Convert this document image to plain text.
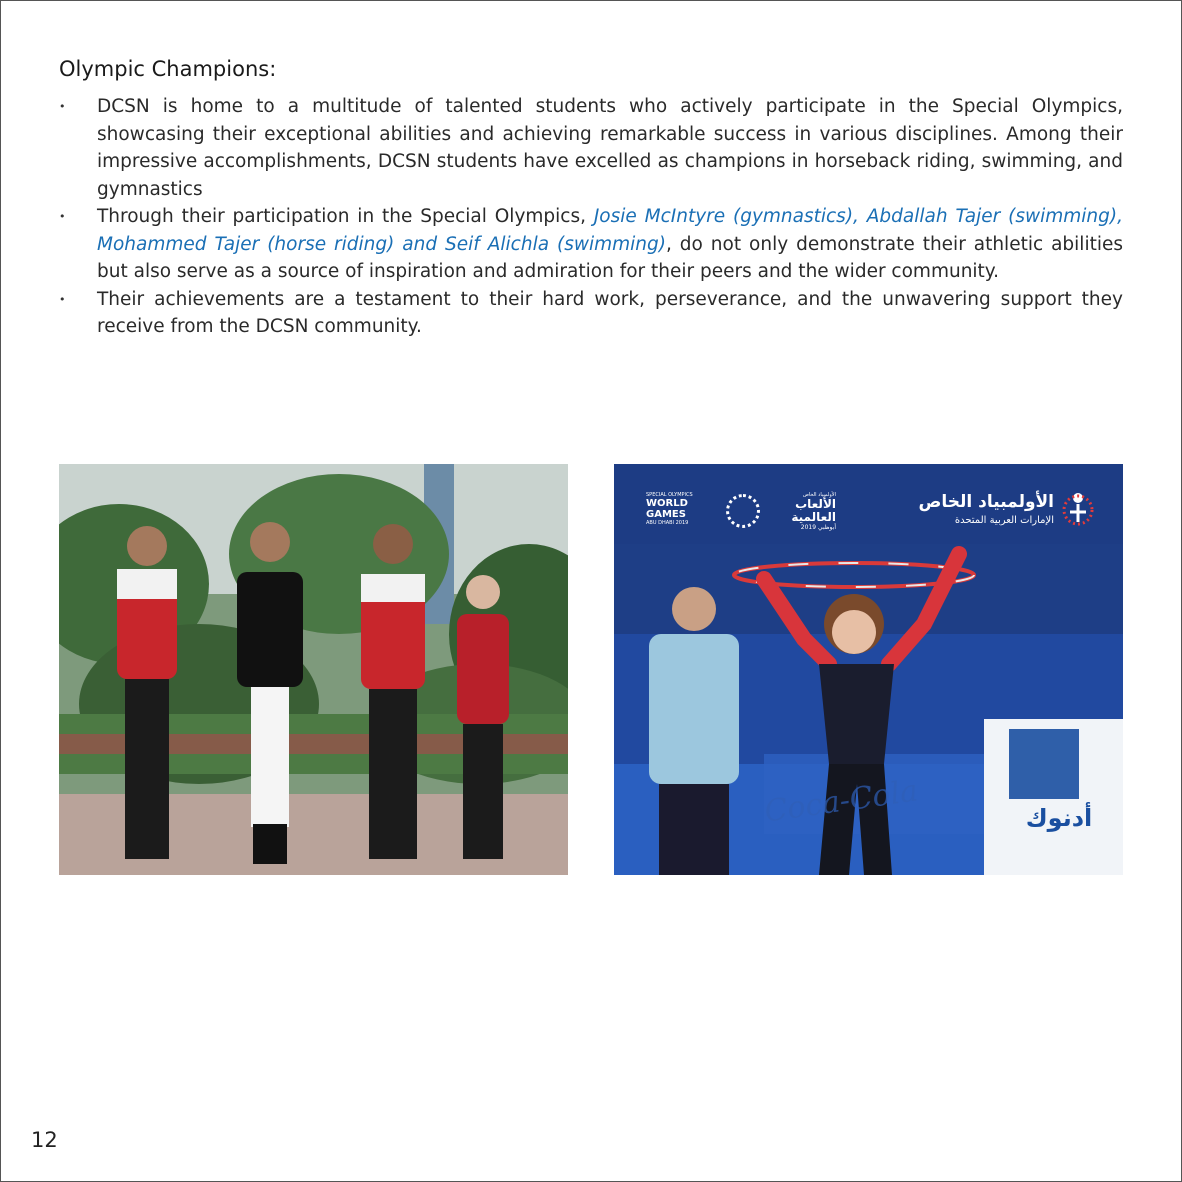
Olympic Champions:
• DCSN is home to a multitude of talented students who actively participate in the Special Olympics, showcasing their exceptional abilities and achieving remarkable success in various disciplines. Among their impressive accomplishments, DCSN students have excelled as champions in horseback riding, swimming, and gymnastics
• Through their participation in the Special Olympics, Josie McIntyre (gymnastics), Abdallah Tajer (swimming), Mohammed Tajer (horse riding) and Seif Alichla (swimming), do not only demonstrate their athletic abilities but also serve as a source of inspiration and admiration for their peers and the wider community.
• Their achievements are a testament to their hard work, perseverance, and the unwavering support they receive from the DCSN community.
SPECIAL OLYMPICS
WORLD
GAMES
ABU DHABI 2019
الأولمبياد الخاص
الألعاب
العالمية
أبوظبي 2019
الأولمبياد الخاص
الإمارات العربية المتحدة
Coca-Cola	أدنوك
12
